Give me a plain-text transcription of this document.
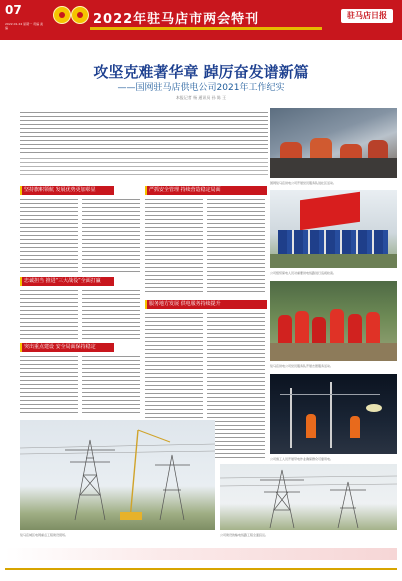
07
2022.01.24 星期一 责编 美编
2022年驻马店市两会特刊	驻马店日报
攻坚克难著华章 踔厉奋发谱新篇
——国网驻马店供电公司2021年工作纪实
本报记者 杨 通讯员 孙 陈 王
国网驻马店供电公司开展党员服务队进社区活动。
公司组织保电人员对重要供电线路进行巡视检查。
驻马店供电公司党员服务队开展志愿服务活动。
公司施工人员开展带电作业确保群众可靠用电。
坚持旗帜领航 发展优势更加彰显	严抓安全管理 持续营造稳定局面
忠诚担当 推进“三大战役”全面打赢
服务地方发展 供电服务持续提升
突出重点建设 安全局面保持稳定
驻马店城区电网重点工程建设现场。	公司建设的输电线路工程全面投运。
